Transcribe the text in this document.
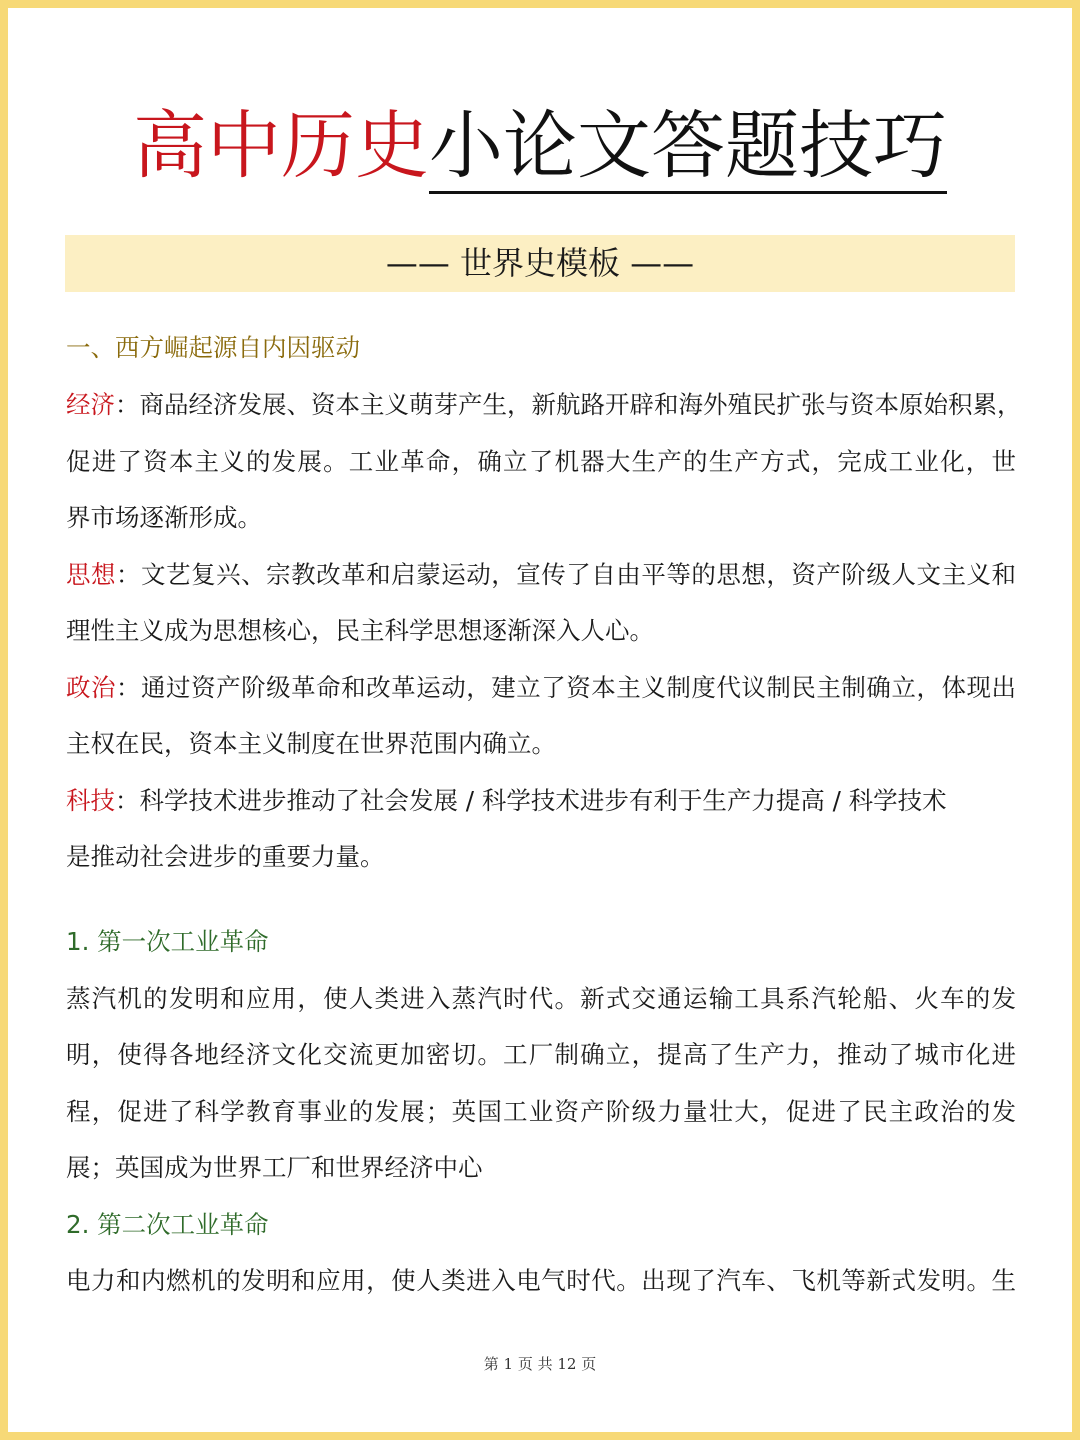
高中历史小论文答题技巧
—— 世界史模板 ——
一、西方崛起源自内因驱动
经济：商品经济发展、资本主义萌芽产生，新航路开辟和海外殖民扩张与资本原始积累，
促进了资本主义的发展。工业革命，确立了机器大生产的生产方式，完成工业化，世
界市场逐渐形成。
思想：文艺复兴、宗教改革和启蒙运动，宣传了自由平等的思想，资产阶级人文主义和
理性主义成为思想核心，民主科学思想逐渐深入人心。
政治：通过资产阶级革命和改革运动，建立了资本主义制度代议制民主制确立，体现出
主权在民，资本主义制度在世界范围内确立。
科技：科学技术进步推动了社会发展 / 科学技术进步有利于生产力提高 / 科学技术
是推动社会进步的重要力量。
1. 第一次工业革命
蒸汽机的发明和应用，使人类进入蒸汽时代。新式交通运输工具系汽轮船、火车的发
明，使得各地经济文化交流更加密切。工厂制确立，提高了生产力，推动了城市化进
程，促进了科学教育事业的发展；英国工业资产阶级力量壮大，促进了民主政治的发
展；英国成为世界工厂和世界经济中心
2. 第二次工业革命
电力和内燃机的发明和应用，使人类进入电气时代。出现了汽车、飞机等新式发明。生
第 1 页 共 12 页
